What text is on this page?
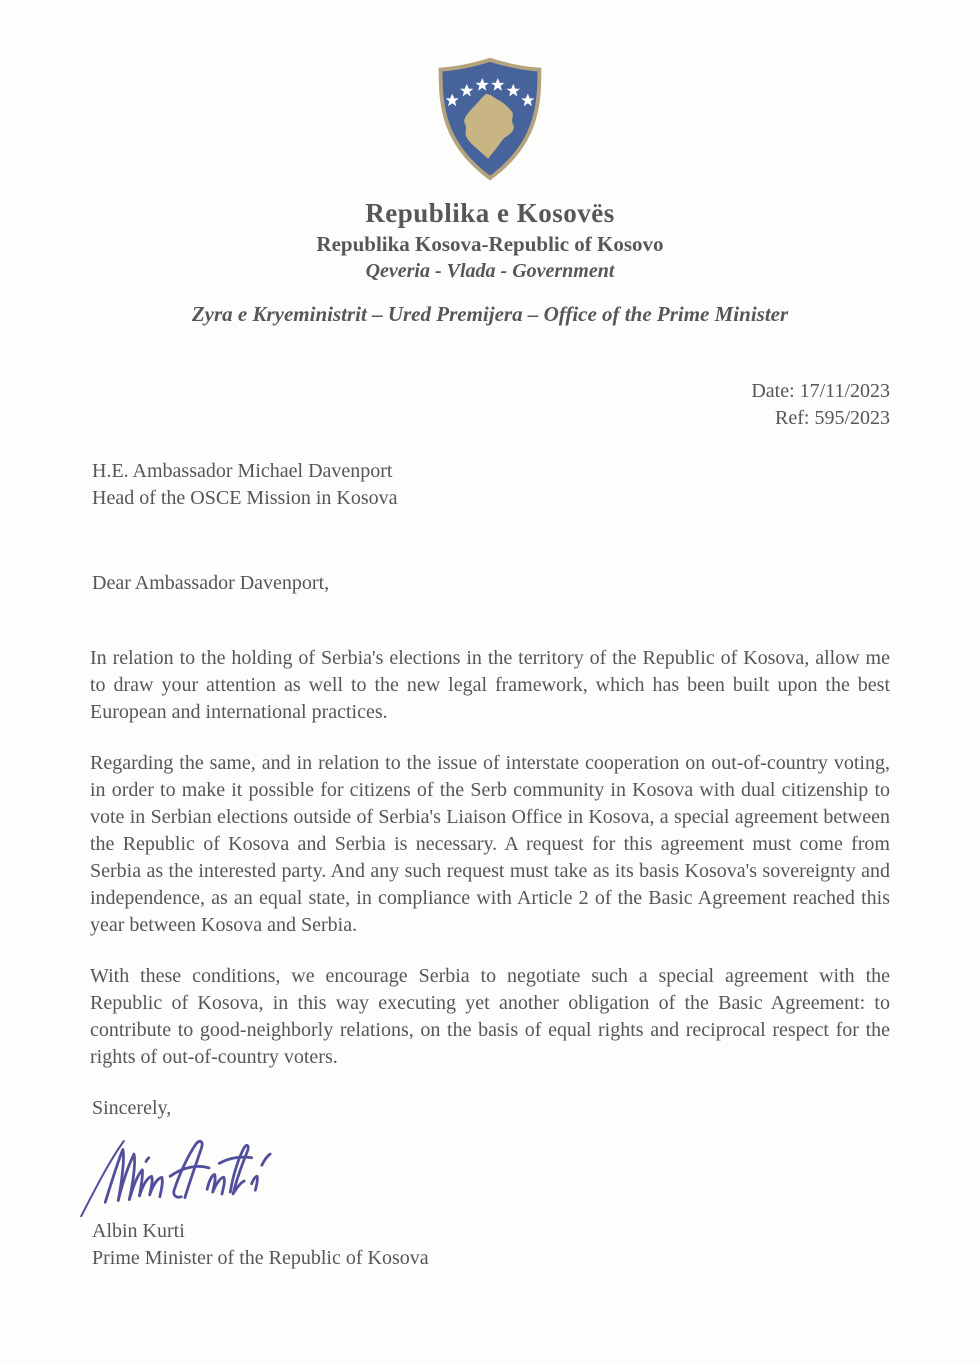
Republika e Kosovës
Republika Kosova-Republic of Kosovo
Qeveria - Vlada - Government
Zyra e Kryeministrit – Ured Premijera – Office of the Prime Minister
Date: 17/11/2023
Ref: 595/2023
H.E. Ambassador Michael Davenport
Head of the OSCE Mission in Kosova
Dear Ambassador Davenport,

In relation to the holding of Serbia's elections in the territory of the Republic of Kosova, allow me to draw your attention as well to the new legal framework, which has been built upon the best European and international practices.

Regarding the same, and in relation to the issue of interstate cooperation on out-of-country voting, in order to make it possible for citizens of the Serb community in Kosova with dual citizenship to vote in Serbian elections outside of Serbia's Liaison Office in Kosova, a special agreement between the Republic of Kosova and Serbia is necessary. A request for this agreement must come from Serbia as the interested party. And any such request must take as its basis Kosova's sovereignty and independence, as an equal state, in compliance with Article 2 of the Basic Agreement reached this year between Kosova and Serbia.

With these conditions, we encourage Serbia to negotiate such a special agreement with the Republic of Kosova, in this way executing yet another obligation of the Basic Agreement: to contribute to good-neighborly relations, on the basis of equal rights and reciprocal respect for the rights of out-of-country voters.

Sincerely,
Albin Kurti
Prime Minister of the Republic of Kosova
